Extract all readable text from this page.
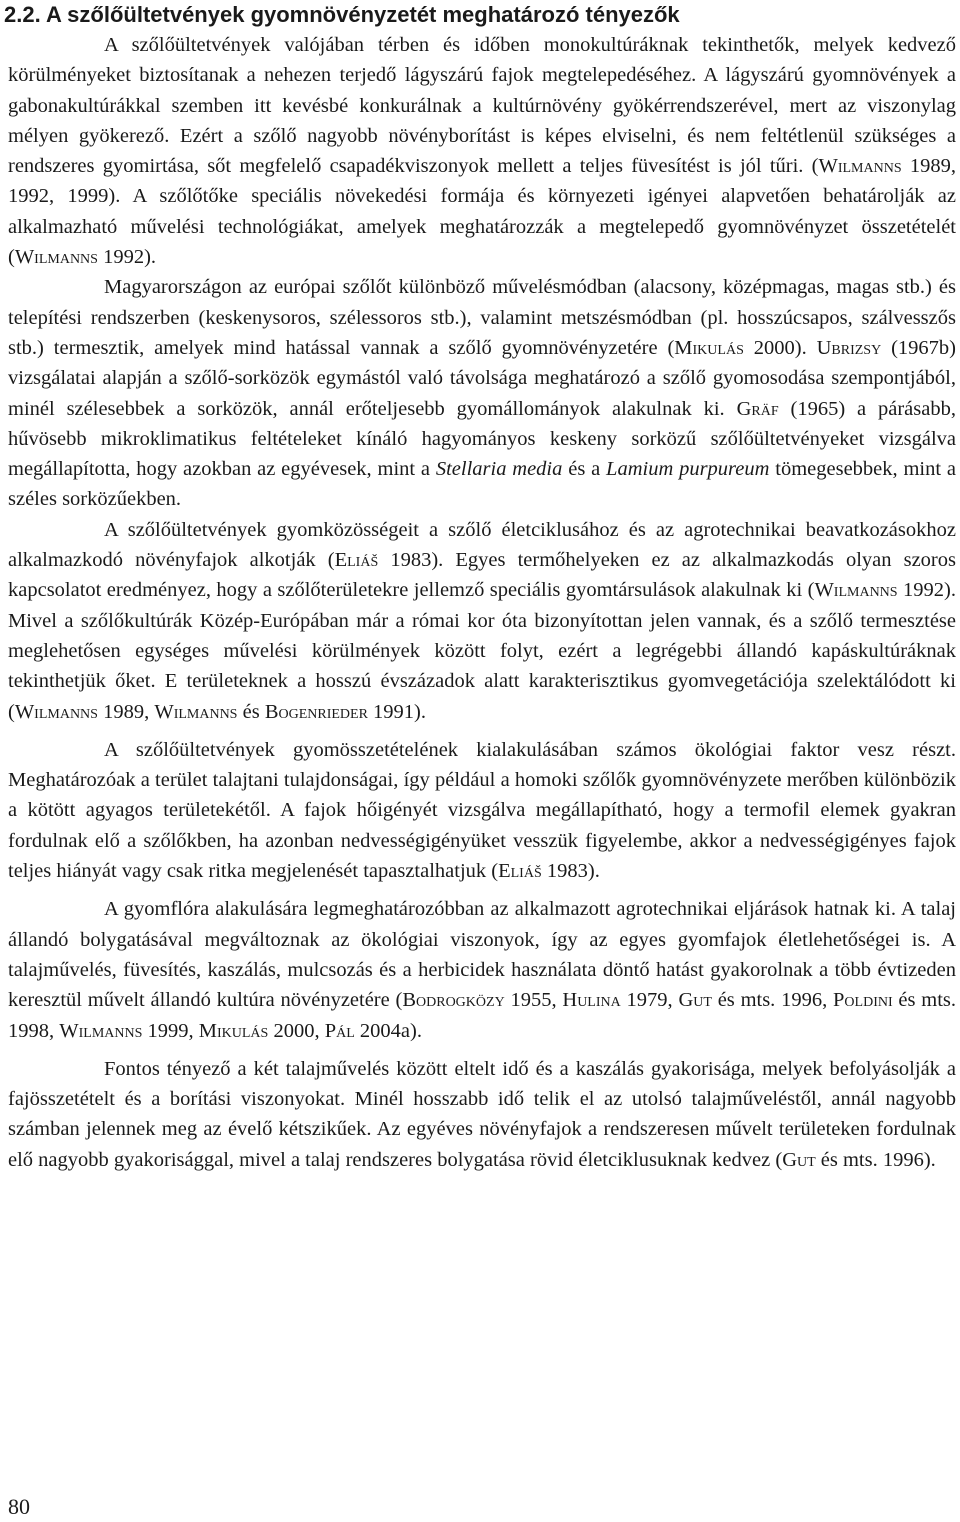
2.2. A szőlőültetvények gyomnövényzetét meghatározó tényezők

A szőlőültetvények valójában térben és időben monokultúráknak tekinthetők, melyek kedvező körülményeket biztosítanak a nehezen terjedő lágyszárú fajok megtelepedéséhez. A lágyszárú gyomnövények a gabonakultúrákkal szemben itt kevésbé konkurálnak a kultúrnövény gyökérrendszerével, mert az viszonylag mélyen gyökerező. Ezért a szőlő nagyobb növényborítást is képes elviselni, és nem feltétlenül szükséges a rendszeres gyomirtása, sőt megfelelő csapadékviszonyok mellett a teljes füvesítést is jól tűri. (Wilmanns 1989, 1992, 1999). A szőlőtőke speciális növekedési formája és környezeti igényei alapvetően behatárolják az alkalmazható művelési technológiákat, amelyek meghatározzák a megtelepedő gyomnövényzet összetételét (Wilmanns 1992).

Magyarországon az európai szőlőt különböző művelésmódban (alacsony, középmagas, magas stb.) és telepítési rendszerben (keskenysoros, szélessoros stb.), valamint metszésmódban (pl. hosszúcsapos, szálvesszős stb.) termesztik, amelyek mind hatással vannak a szőlő gyomnövényzetére (Mikulás 2000). Ubrizsy (1967b) vizsgálatai alapján a szőlő-sorközök egymástól való távolsága meghatározó a szőlő gyomosodása szempontjából, minél szélesebbek a sorközök, annál erőteljesebb gyomállományok alakulnak ki. Gräf (1965) a párásabb, hűvösebb mikroklimatikus feltételeket kínáló hagyományos keskeny sorközű szőlőültetvényeket vizsgálva megállapította, hogy azokban az egyévesek, mint a Stellaria media és a Lamium purpureum tömegesebbek, mint a széles sorközűekben.

A szőlőültetvények gyomközösségeit a szőlő életciklusához és az agrotechnikai beavatkozásokhoz alkalmazkodó növényfajok alkotják (Eliáš 1983). Egyes termőhelyeken ez az alkalmazkodás olyan szoros kapcsolatot eredményez, hogy a szőlőterületekre jellemző speciális gyomtársulások alakulnak ki (Wilmanns 1992). Mivel a szőlőkultúrák Közép-Európában már a római kor óta bizonyítottan jelen vannak, és a szőlő termesztése meglehetősen egységes művelési körülmények között folyt, ezért a legrégebbi állandó kapáskultúráknak tekinthetjük őket. E területeknek a hosszú évszázadok alatt karakterisztikus gyomvegetációja szelektálódott ki (Wilmanns 1989, Wilmanns és Bogenrieder 1991).

A szőlőültetvények gyomösszetételének kialakulásában számos ökológiai faktor vesz részt. Meghatározóak a terület talajtani tulajdonságai, így például a homoki szőlők gyomnövényzete merőben különbözik a kötött agyagos területekétől. A fajok hőigényét vizsgálva megállapítható, hogy a termofil elemek gyakran fordulnak elő a szőlőkben, ha azonban nedvességigényüket vesszük figyelembe, akkor a nedvességigényes fajok teljes hiányát vagy csak ritka megjelenését tapasztalhatjuk (Eliáš 1983).

A gyomflóra alakulására legmeghatározóbban az alkalmazott agrotechnikai eljárások hatnak ki. A talaj állandó bolygatásával megváltoznak az ökológiai viszonyok, így az egyes gyomfajok életlehetőségei is. A talajművelés, füvesítés, kaszálás, mulcsozás és a herbicidek használata döntő hatást gyakorolnak a több évtizeden keresztül művelt állandó kultúra növényzetére (Bodrogközy 1955, Hulina 1979, Gut és mts. 1996, Poldini és mts. 1998, Wilmanns 1999, Mikulás 2000, Pál 2004a).

Fontos tényező a két talajművelés között eltelt idő és a kaszálás gyakorisága, melyek befolyásolják a fajösszetételt és a borítási viszonyokat. Minél hosszabb idő telik el az utolsó talajműveléstől, annál nagyobb számban jelennek meg az évelő kétszikűek. Az egyéves növényfajok a rendszeresen művelt területeken fordulnak elő nagyobb gyakorisággal, mivel a talaj rendszeres bolygatása rövid életciklusuknak kedvez (Gut és mts. 1996).

80
